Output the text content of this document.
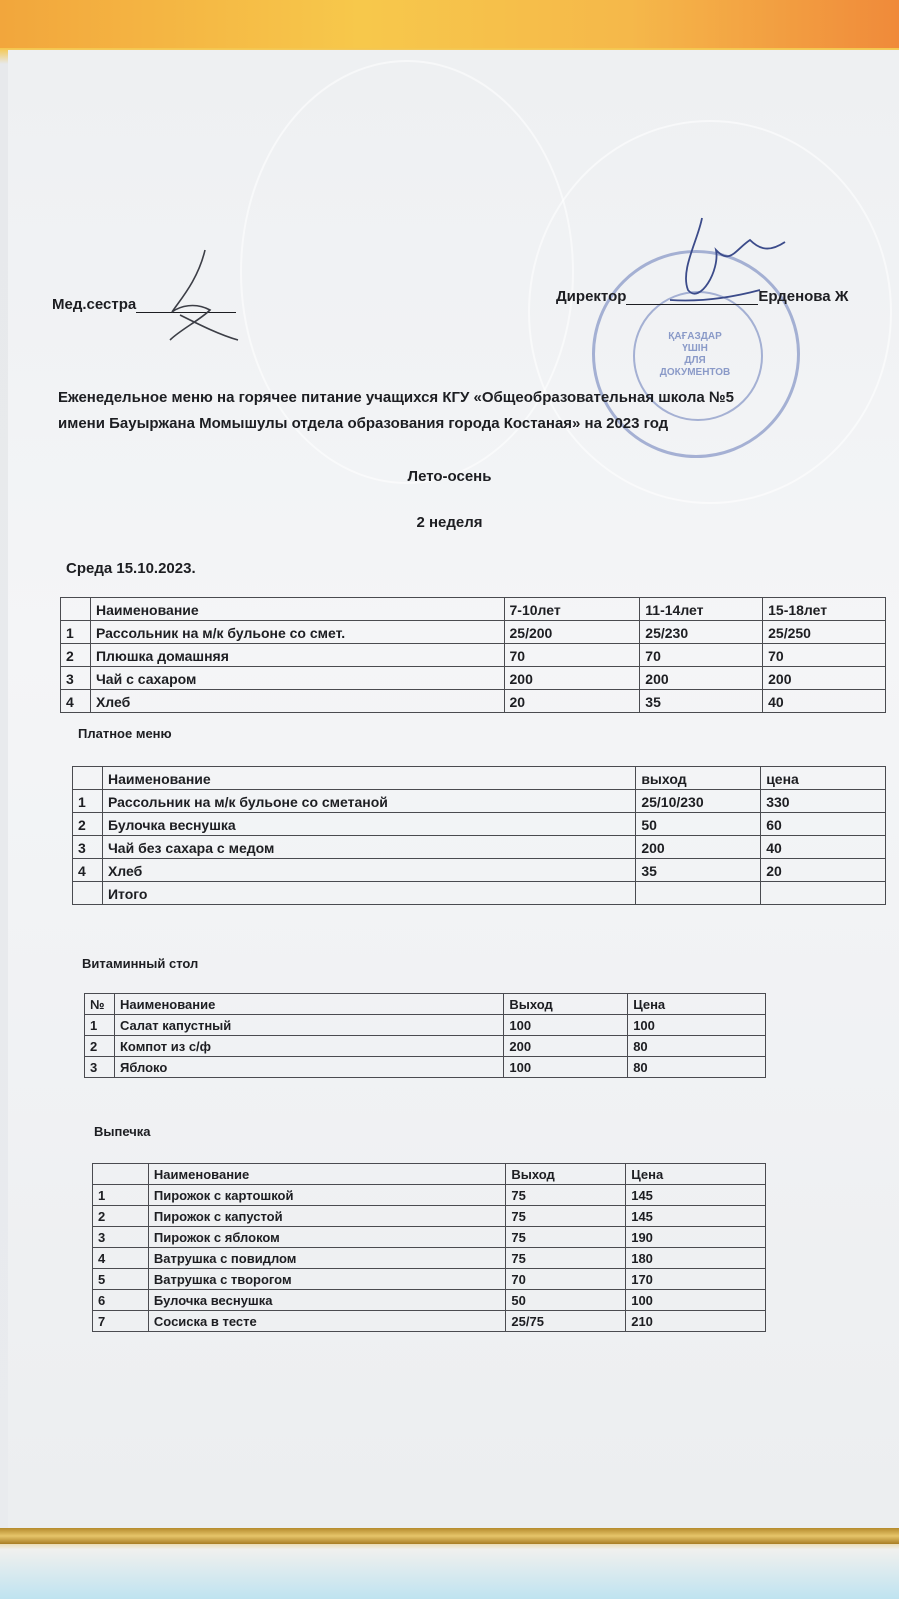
Мед.сестра
ҚАҒАЗДАР
ҮШІН
ДЛЯ
ДОКУМЕНТОВ
Директор	Ерденова Ж
Еженедельное меню на горячее питание учащихся КГУ «Общеобразовательная школа №5
имени Бауыржана Момышулы отдела образования города Костаная» на 2023 год
Лето-осень
2 неделя
Среда 15.10.2023.
	Наименование	7-10лет	11-14лет	15-18лет
1	Рассольник на м/к бульоне со смет.	25/200	25/230	25/250
2	Плюшка домашняя	70	70	70
3	Чай с сахаром	200	200	200
4	Хлеб	20	35	40
Платное меню
	Наименование	выход	цена
1	Рассольник на м/к бульоне со сметаной	25/10/230	330
2	Булочка веснушка	50	60
3	Чай без сахара с медом	200	40
4	Хлеб	35	20
	Итого		
Витаминный стол
№	Наименование	Выход	Цена
1	Салат капустный	100	100
2	Компот из с/ф	200	80
3	Яблоко	100	80
Выпечка
	Наименование	Выход	Цена
1	Пирожок с картошкой	75	145
2	Пирожок с капустой	75	145
3	Пирожок с яблоком	75	190
4	Ватрушка с повидлом	75	180
5	Ватрушка с творогом	70	170
6	Булочка веснушка	50	100
7	Сосиска в тесте	25/75	210
